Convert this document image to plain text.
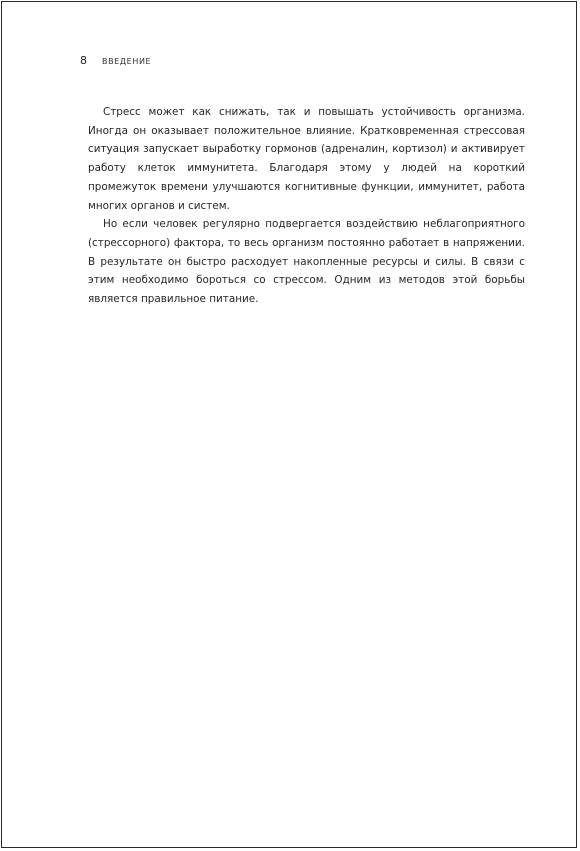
8	ВВЕДЕНИЕ

Стресс может как снижать, так и повышать устойчивость организма. Иногда он оказывает положительное влияние. Кратковременная стрессовая ситуация запускает выработку гормонов (адреналин, кортизол) и активирует работу клеток иммунитета. Благодаря этому у людей на короткий промежуток времени улучшаются когнитивные функции, иммунитет, работа многих органов и систем.

Но если человек регулярно подвергается воздействию неблагоприятного (стрессорного) фактора, то весь организм постоянно работает в напряжении. В результате он быстро расходует накопленные ресурсы и силы. В связи с этим необходимо бороться со стрессом. Одним из методов этой борьбы является правильное питание.
